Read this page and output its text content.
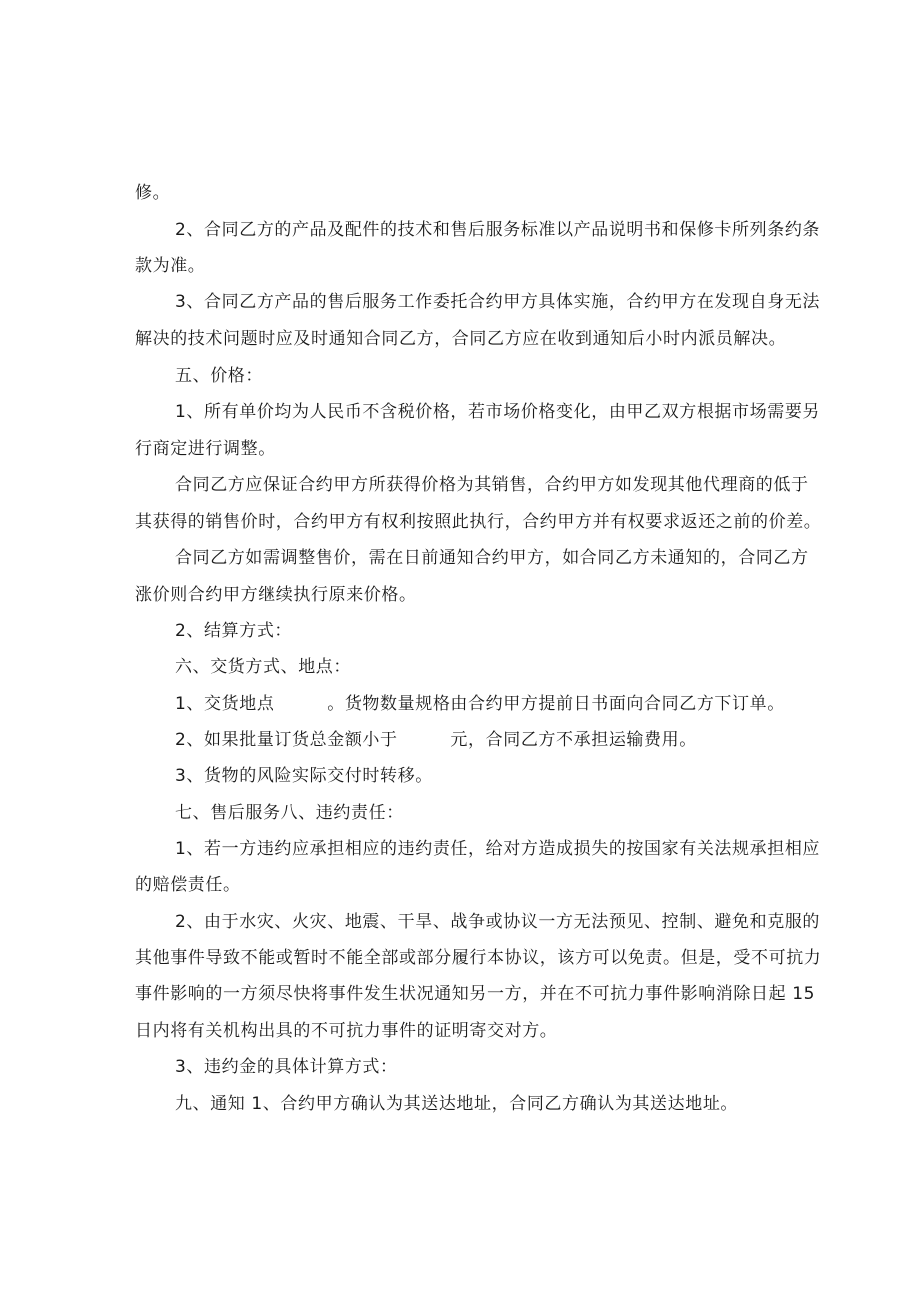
修。
2、合同乙方的产品及配件的技术和售后服务标准以产品说明书和保修卡所列条约条
款为准。
3、合同乙方产品的售后服务工作委托合约甲方具体实施，合约甲方在发现自身无法
解决的技术问题时应及时通知合同乙方，合同乙方应在收到通知后小时内派员解决。
五、价格：
1、所有单价均为人民币不含税价格，若市场价格变化，由甲乙双方根据市场需要另
行商定进行调整。
合同乙方应保证合约甲方所获得价格为其销售，合约甲方如发现其他代理商的低于
其获得的销售价时，合约甲方有权利按照此执行，合约甲方并有权要求返还之前的价差。
合同乙方如需调整售价，需在日前通知合约甲方，如合同乙方未通知的，合同乙方
涨价则合约甲方继续执行原来价格。
2、结算方式：
六、交货方式、地点：
1、交货地点　　　。货物数量规格由合约甲方提前日书面向合同乙方下订单。
2、如果批量订货总金额小于　　　元，合同乙方不承担运输费用。
3、货物的风险实际交付时转移。
七、售后服务八、违约责任：
1、若一方违约应承担相应的违约责任，给对方造成损失的按国家有关法规承担相应
的赔偿责任。
2、由于水灾、火灾、地震、干旱、战争或协议一方无法预见、控制、避免和克服的
其他事件导致不能或暂时不能全部或部分履行本协议，该方可以免责。但是，受不可抗力
事件影响的一方须尽快将事件发生状况通知另一方，并在不可抗力事件影响消除日起 15
日内将有关机构出具的不可抗力事件的证明寄交对方。
3、违约金的具体计算方式：
九、通知 1、合约甲方确认为其送达地址，合同乙方确认为其送达地址。
